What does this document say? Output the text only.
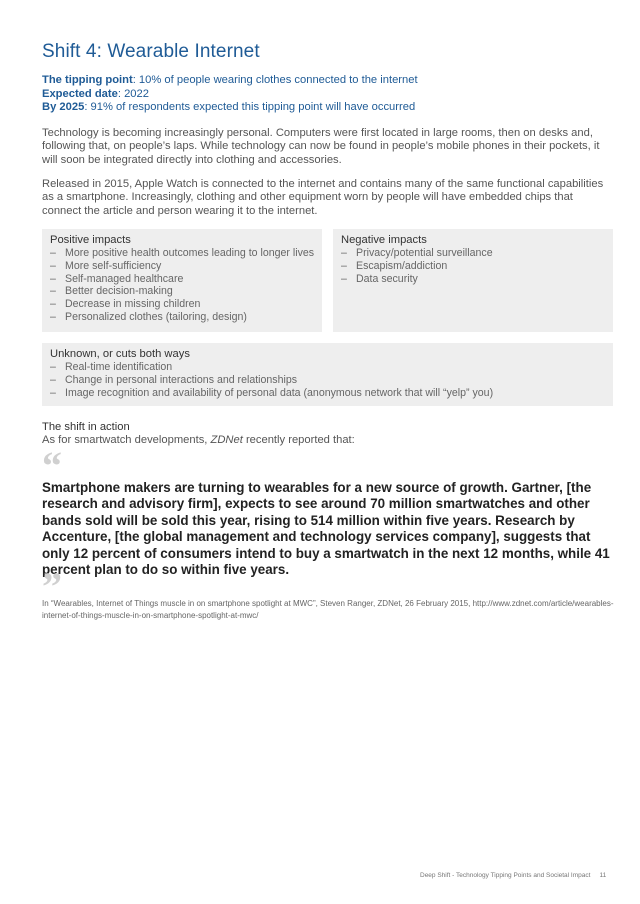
Shift 4: Wearable Internet
The tipping point: 10% of people wearing clothes connected to the internet
Expected date: 2022
By 2025: 91% of respondents expected this tipping point will have occurred

Technology is becoming increasingly personal. Computers were first located in large rooms, then on desks and, following that, on people’s laps. While technology can now be found in people’s mobile phones in their pockets, it will soon be integrated directly into clothing and accessories.

Released in 2015, Apple Watch is connected to the internet and contains many of the same functional capabilities as a smartphone. Increasingly, clothing and other equipment worn by people will have embedded chips that connect the article and person wearing it to the internet.

Positive impacts
– More positive health outcomes leading to longer lives
– More self-sufficiency
– Self-managed healthcare
– Better decision-making
– Decrease in missing children
– Personalized clothes (tailoring, design)
Negative impacts
– Privacy/potential surveillance
– Escapism/addiction
– Data security
Unknown, or cuts both ways
– Real-time identification
– Change in personal interactions and relationships
– Image recognition and availability of personal data (anonymous network that will “yelp” you)
The shift in action
As for smartwatch developments, ZDNet recently reported that:
“

Smartphone makers are turning to wearables for a new source of growth. Gartner, [the research and advisory firm], expects to see around 70 million smartwatches and other bands sold will be sold this year, rising to 514 million within five years. Research by Accenture, [the global management and technology services company], suggests that only 12 percent of consumers intend to buy a smartwatch in the next 12 months, while 41 percent plan to do so within five years.

”

In “Wearables, Internet of Things muscle in on smartphone spotlight at MWC”, Steven Ranger, ZDNet, 26 February 2015, http://www.zdnet.com/article/wearables-internet-of-things-muscle-in-on-smartphone-spotlight-at-mwc/

Deep Shift - Technology Tipping Points and Societal Impact 11
